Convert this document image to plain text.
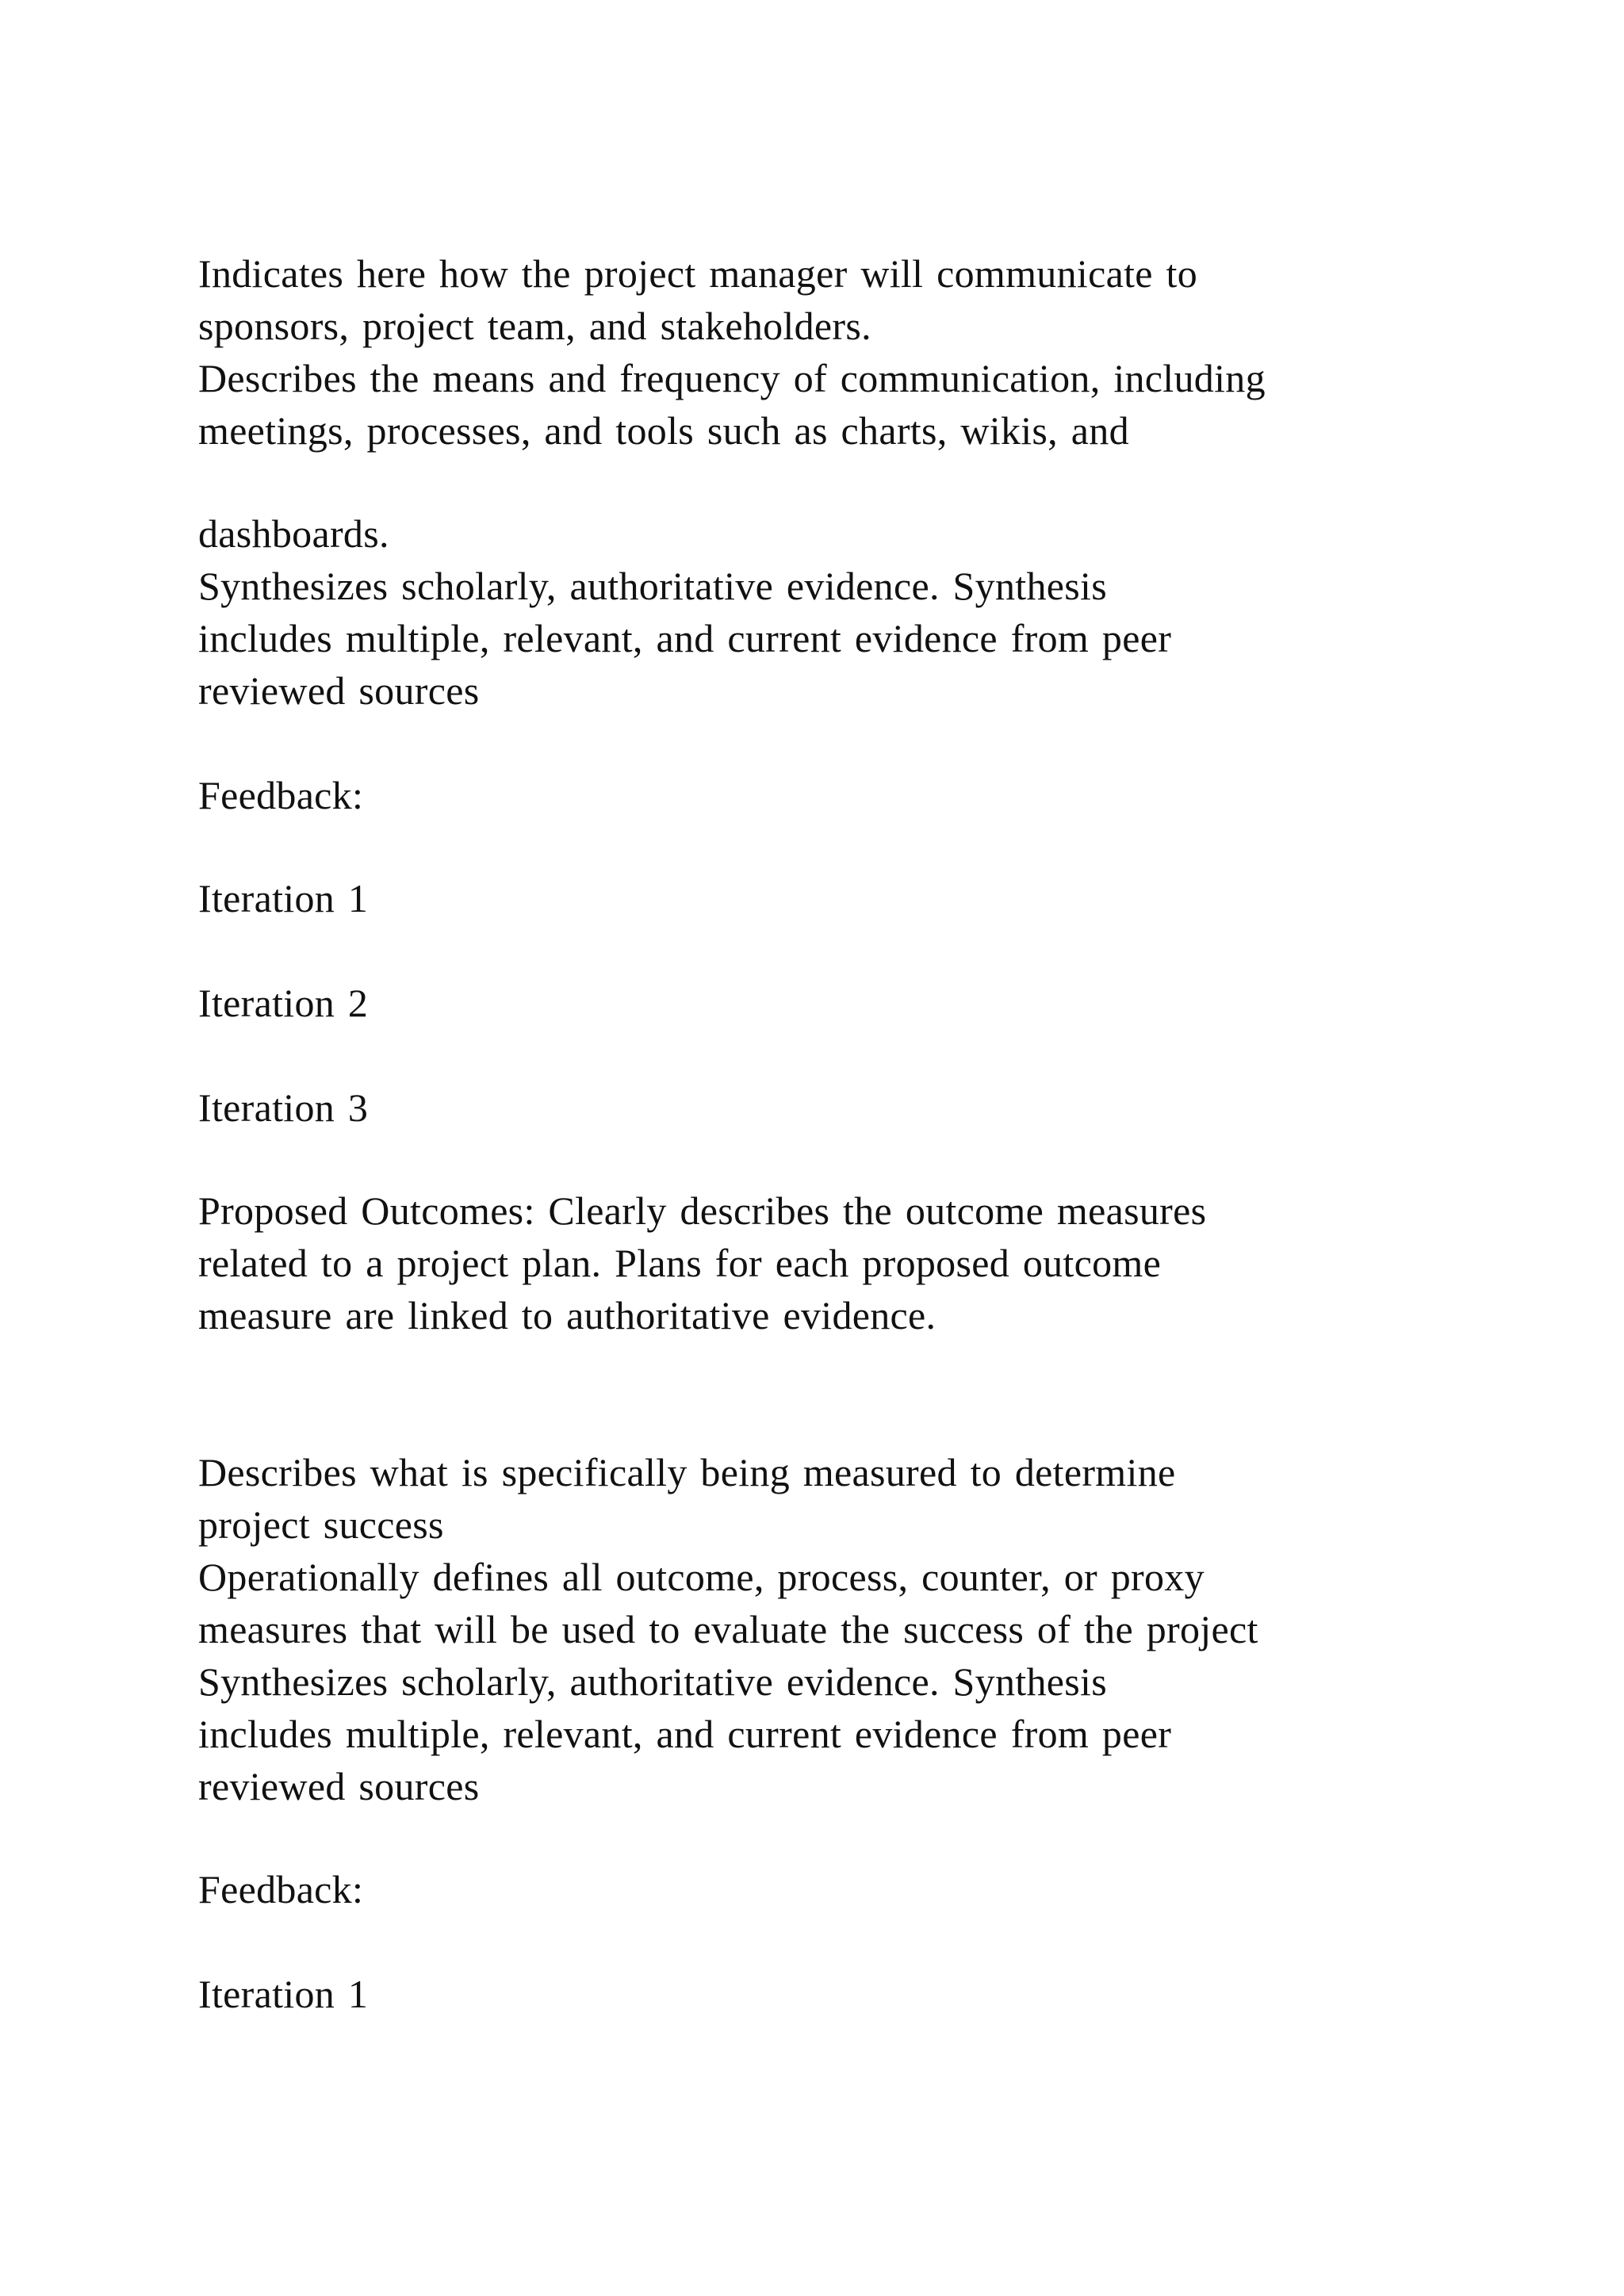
Indicates here how the project manager will communicate to
sponsors, project team, and stakeholders.
Describes the means and frequency of communication, including
meetings, processes, and tools such as charts, wikis, and
dashboards.
Synthesizes scholarly, authoritative evidence. Synthesis
includes multiple, relevant, and current evidence from peer
reviewed sources
Feedback:
Iteration 1
Iteration 2
Iteration 3
Proposed Outcomes: Clearly describes the outcome measures
related to a project plan. Plans for each proposed outcome
measure are linked to authoritative evidence.
Describes what is specifically being measured to determine
project success
Operationally defines all outcome, process, counter, or proxy
measures that will be used to evaluate the success of the project
Synthesizes scholarly, authoritative evidence. Synthesis
includes multiple, relevant, and current evidence from peer
reviewed sources
Feedback:
Iteration 1
